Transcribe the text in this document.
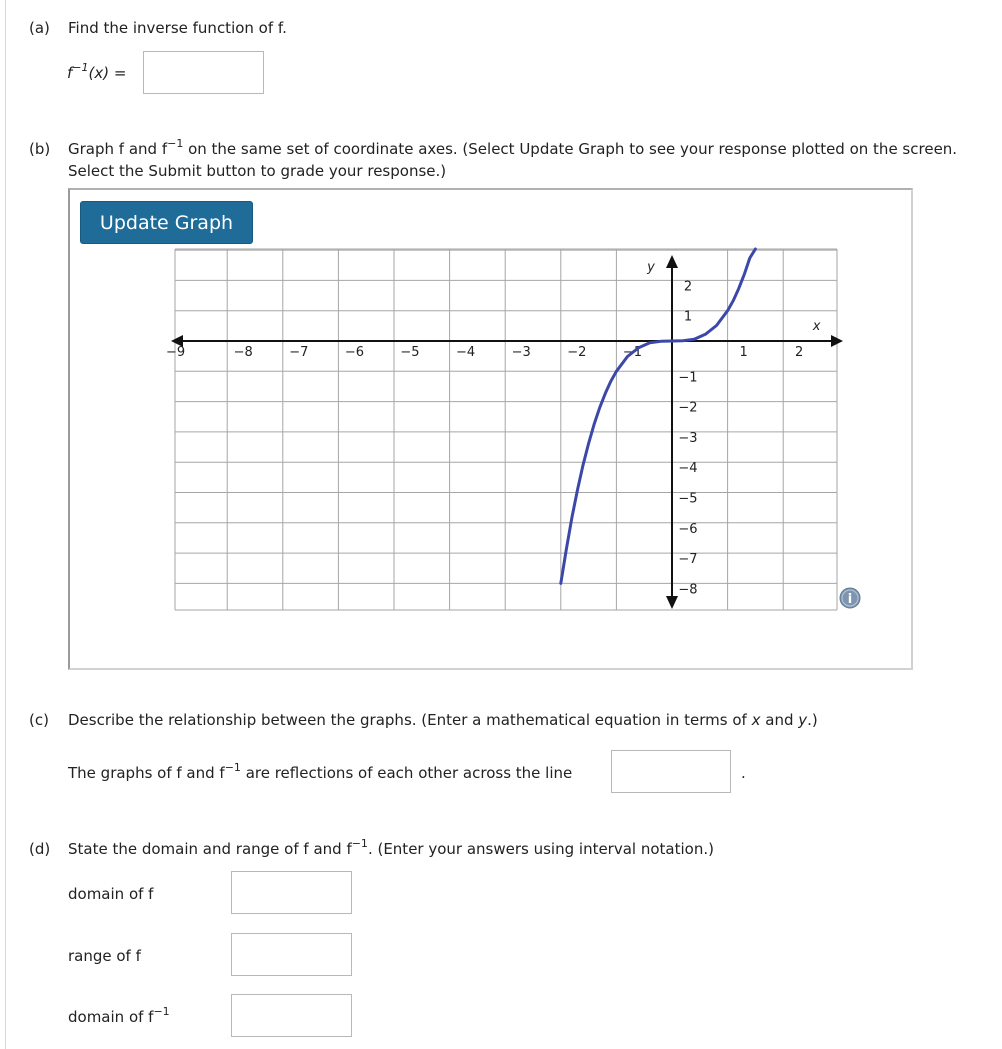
(a) Find the inverse function of f.
$f^{-1}(x)$ =
(b) Graph f and $f^{-1}$ on the same set of coordinate axes. (Select Update Graph to see your response plotted on the screen.
Select the Submit button to grade your response.)
Update Graph
−9	−8	−7	−6	−5	−4	−3	−2	−1	1	2
2
1
−1
−2
−3
−4
−5
−6
−7
−8
x
y
i
(c) Describe the relationship between the graphs. (Enter a mathematical equation in terms of x and y.)
The graphs of f and $f^{-1}$ are reflections of each other across the line	.
(d) State the domain and range of f and $f^{-1}$. (Enter your answers using interval notation.)
domain of f
range of f
domain of $f^{-1}$
